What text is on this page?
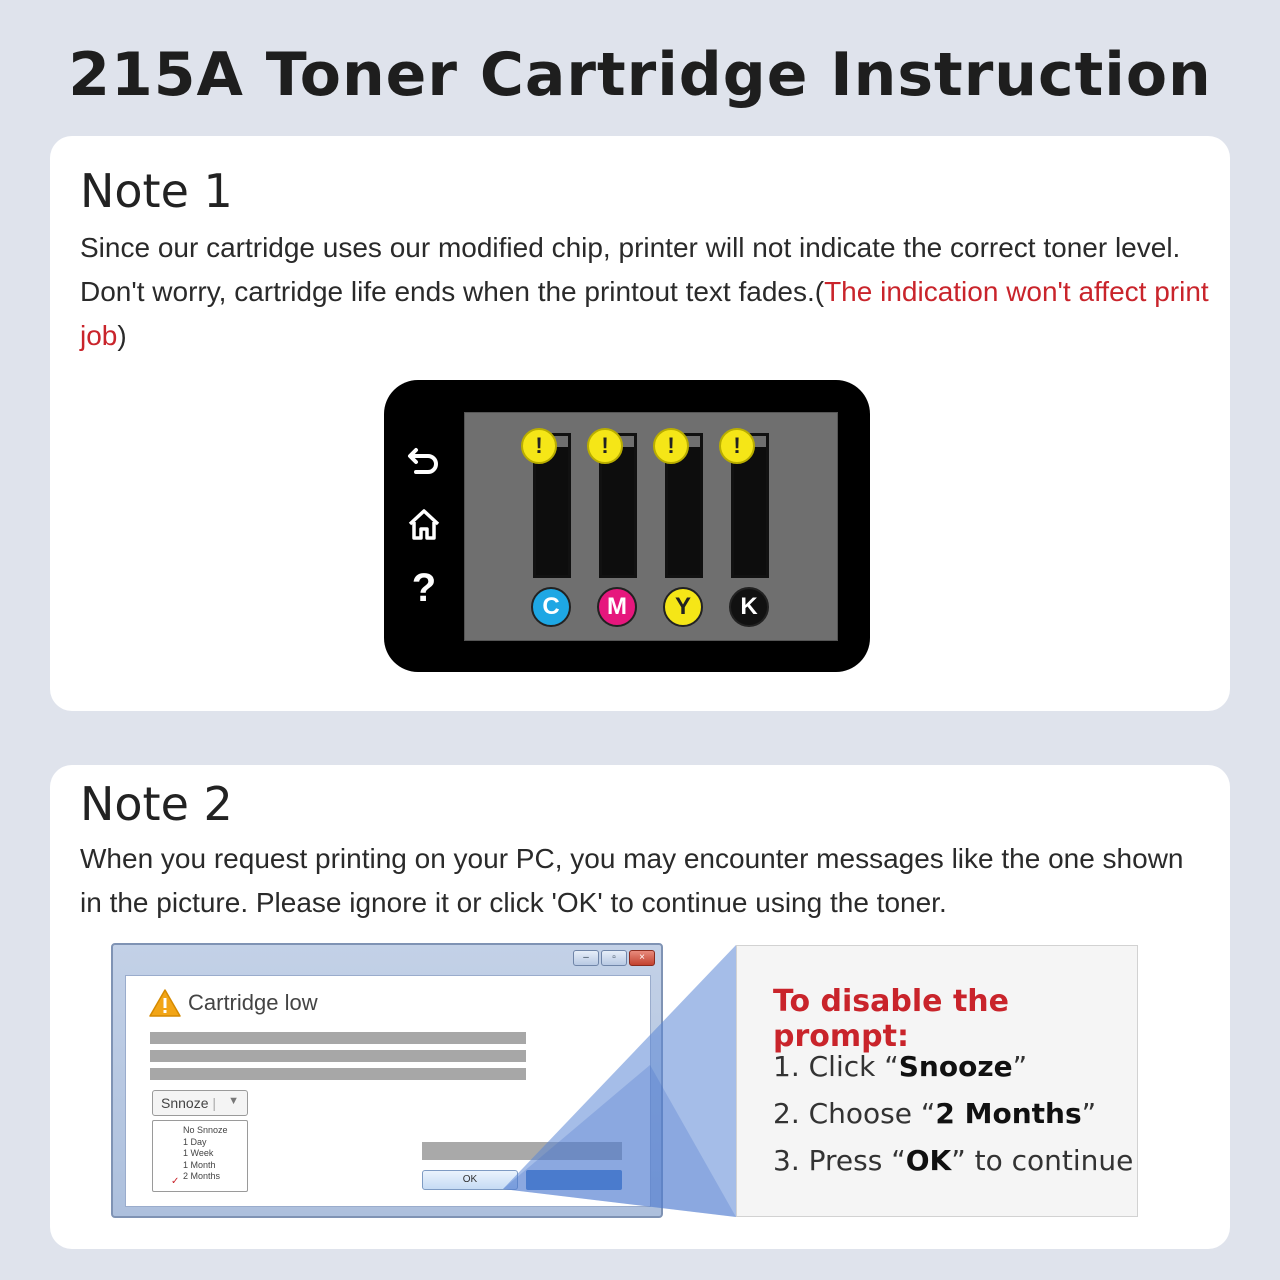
215A Toner Cartridge Instruction
Note 1
Since our cartridge uses our modified chip, printer will not indicate the correct toner level. Don't worry, cartridge life ends when the printout text fades.(The indication won't affect print job)
?
!
C
!
M
!
Y
!
K
Note 2
When you request printing on your PC, you may encounter messages like the one shown in the picture. Please ignore it or click 'OK' to continue using the toner.
–	▫	×
Cartridge low
Snnoze | ▼
No Snnoze
1 Day
1 Week
1 Month
2 Months
✓	OK
To disable the prompt:
1. Click “Snooze”
2. Choose “2 Months”
3. Press “OK” to continue
